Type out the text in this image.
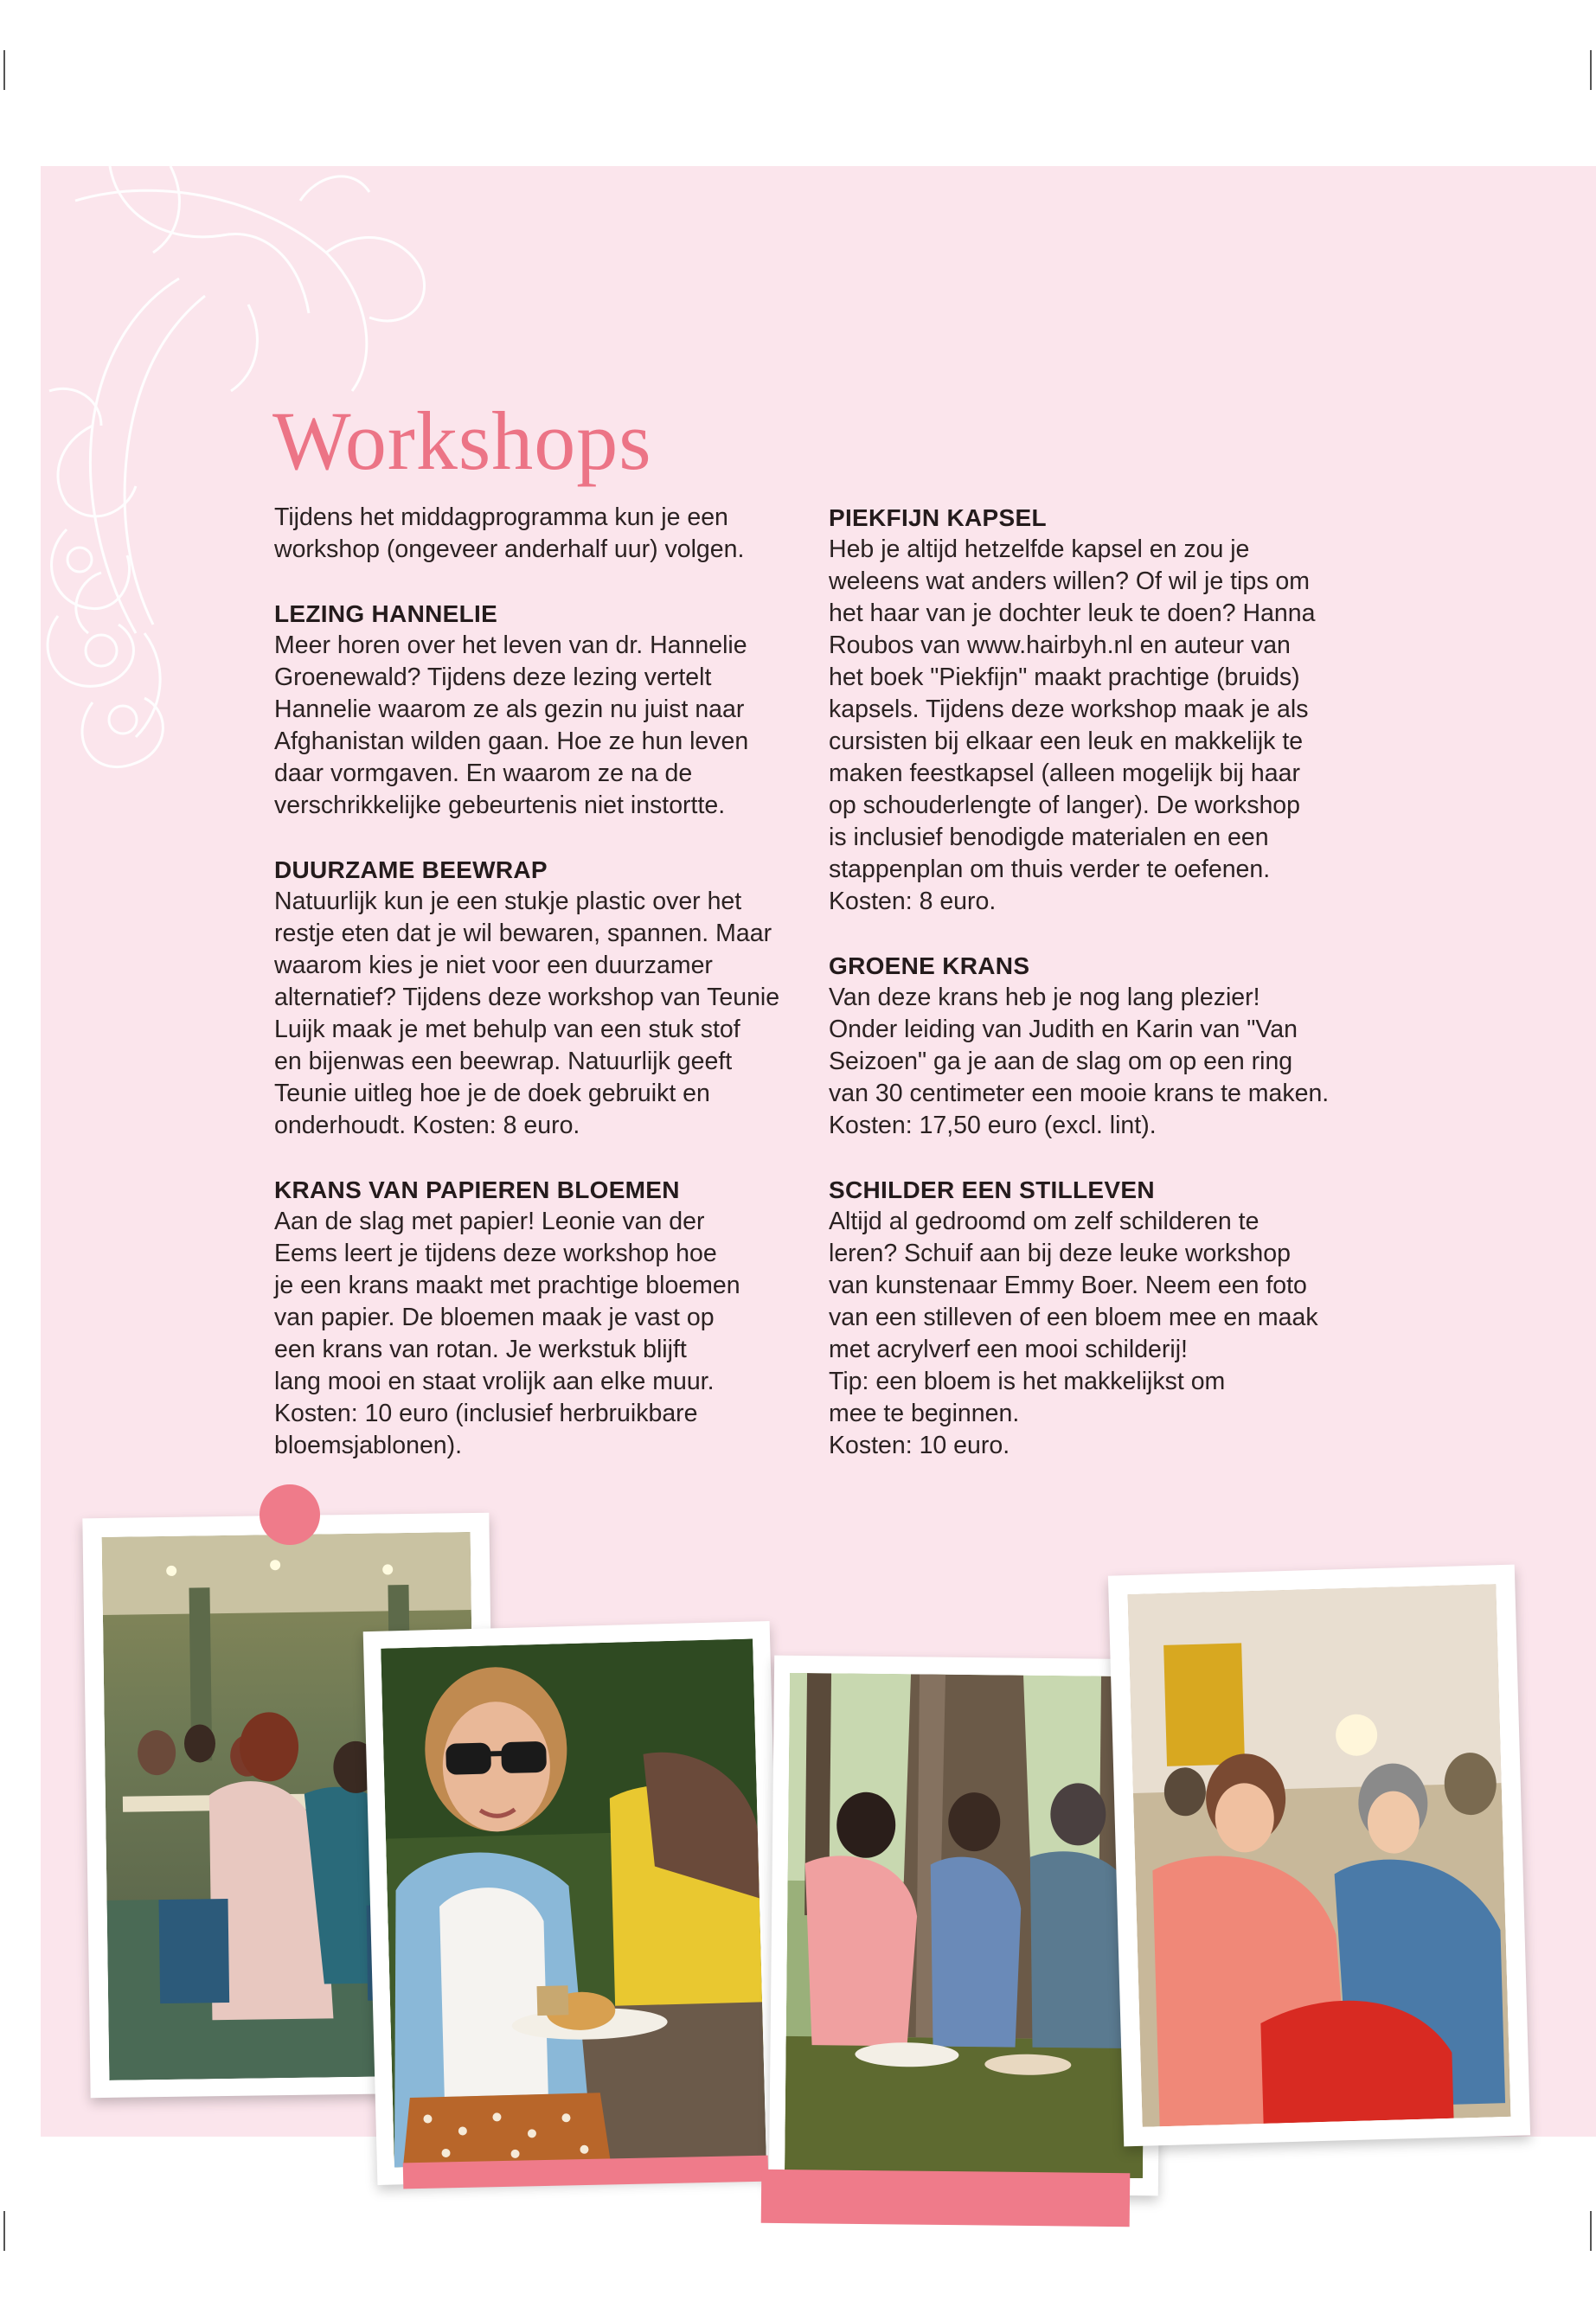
Workshops

Tijdens het middagprogramma kun je een
workshop (ongeveer anderhalf uur) volgen.

LEZING HANNELIE
Meer horen over het leven van dr. Hannelie
Groenewald? Tijdens deze lezing vertelt
Hannelie waarom ze als gezin nu juist naar
Afghanistan wilden gaan. Hoe ze hun leven
daar vormgaven. En waarom ze na de
verschrikkelijke gebeurtenis niet instortte.
DUURZAME BEEWRAP
Natuurlijk kun je een stukje plastic over het
restje eten dat je wil bewaren, spannen. Maar
waarom kies je niet voor een duurzamer
alternatief? Tijdens deze workshop van Teunie
Luijk maak je met behulp van een stuk stof
en bijenwas een beewrap. Natuurlijk geeft
Teunie uitleg hoe je de doek gebruikt en
onderhoudt. Kosten: 8 euro.
KRANS VAN PAPIEREN BLOEMEN
Aan de slag met papier! Leonie van der
Eems leert je tijdens deze workshop hoe
je een krans maakt met prachtige bloemen
van papier. De bloemen maak je vast op
een krans van rotan. Je werkstuk blijft
lang mooi en staat vrolijk aan elke muur.
Kosten: 10 euro (inclusief herbruikbare
bloemsjablonen).
PIEKFIJN KAPSEL
Heb je altijd hetzelfde kapsel en zou je
weleens wat anders willen? Of wil je tips om
het haar van je dochter leuk te doen? Hanna
Roubos van www.hairbyh.nl en auteur van
het boek "Piekfijn" maakt prachtige (bruids)
kapsels. Tijdens deze workshop maak je als
cursisten bij elkaar een leuk en makkelijk te
maken feestkapsel (alleen mogelijk bij haar
op schouderlengte of langer). De workshop
is inclusief benodigde materialen en een
stappenplan om thuis verder te oefenen.
Kosten: 8 euro.
GROENE KRANS
Van deze krans heb je nog lang plezier!
Onder leiding van Judith en Karin van "Van
Seizoen" ga je aan de slag om op een ring
van 30 centimeter een mooie krans te maken.
Kosten: 17,50 euro (excl. lint).
SCHILDER EEN STILLEVEN
Altijd al gedroomd om zelf schilderen te
leren? Schuif aan bij deze leuke workshop
van kunstenaar Emmy Boer. Neem een foto
van een stilleven of een bloem mee en maak
met acrylverf een mooi schilderij!
Tip: een bloem is het makkelijkst om
mee te beginnen.
Kosten: 10 euro.
